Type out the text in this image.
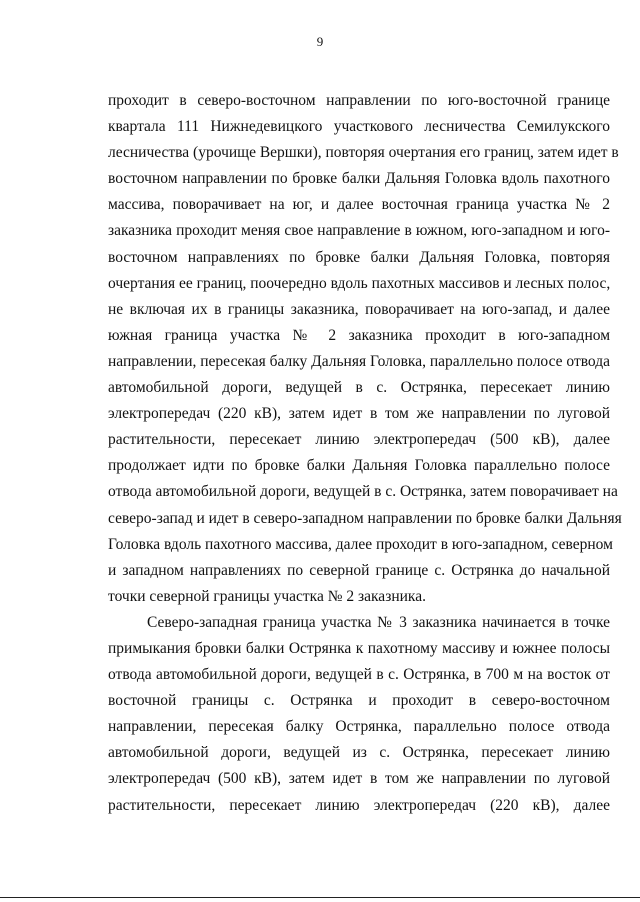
9
проходит в северо-восточном направлении по юго-восточной границе
квартала 111 Нижнедевицкого участкового лесничества Семилукского
лесничества (урочище Вершки), повторяя очертания его границ, затем идет в
восточном направлении по бровке балки Дальняя Головка вдоль пахотного
массива, поворачивает на юг, и далее восточная граница участка № 2
заказника проходит меняя свое направление в южном, юго-западном и юго-
восточном направлениях по бровке балки Дальняя Головка, повторяя
очертания ее границ, поочередно вдоль пахотных массивов и лесных полос,
не включая их в границы заказника, поворачивает на юго-запад, и далее
южная граница участка № 2 заказника проходит в юго-западном
направлении, пересекая балку Дальняя Головка, параллельно полосе отвода
автомобильной дороги, ведущей в с. Острянка, пересекает линию
электропередач (220 кВ), затем идет в том же направлении по луговой
растительности, пересекает линию электропередач (500 кВ), далее
продолжает идти по бровке балки Дальняя Головка параллельно полосе
отвода автомобильной дороги, ведущей в с. Острянка, затем поворачивает на
северо-запад и идет в северо-западном направлении по бровке балки Дальняя
Головка вдоль пахотного массива, далее проходит в юго-западном, северном
и западном направлениях по северной границе с. Острянка до начальной
точки северной границы участка № 2 заказника.
Северо-западная граница участка № 3 заказника начинается в точке
примыкания бровки балки Острянка к пахотному массиву и южнее полосы
отвода автомобильной дороги, ведущей в с. Острянка, в 700 м на восток от
восточной границы с. Острянка и проходит в северо-восточном
направлении, пересекая балку Острянка, параллельно полосе отвода
автомобильной дороги, ведущей из с. Острянка, пересекает линию
электропередач (500 кВ), затем идет в том же направлении по луговой
растительности, пересекает линию электропередач (220 кВ), далее
